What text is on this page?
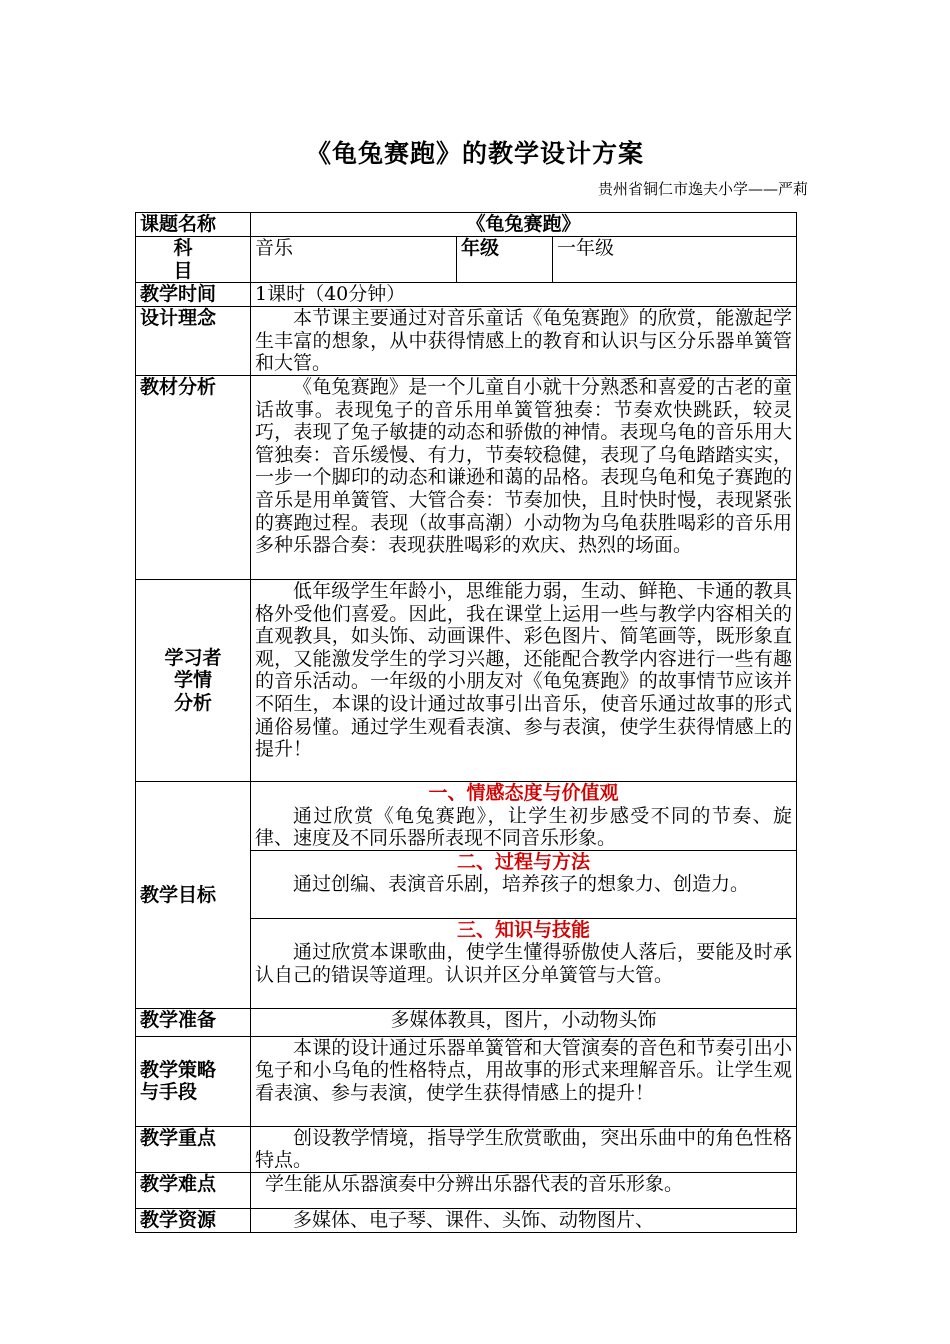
《龟兔赛跑》的教学设计方案
贵州省铜仁市逸夫小学——严莉
课题名称	《龟兔赛跑》		
科　目	音乐	年级	一年级
教学时间	1课时（40分钟）		
设计理念	本节课主要通过对音乐童话《龟兔赛跑》的欣赏，能激起学生丰富的想象，从中获得情感上的教育和认识与区分乐器单簧管和大管。		
教材分析	《龟兔赛跑》是一个儿童自小就十分熟悉和喜爱的古老的童话故事。表现兔子的音乐用单簧管独奏：节奏欢快跳跃，较灵巧，表现了兔子敏捷的动态和骄傲的神情。表现乌龟的音乐用大管独奏：音乐缓慢、有力，节奏较稳健，表现了乌龟踏踏实实，一步一个脚印的动态和谦逊和蔼的品格。表现乌龟和兔子赛跑的音乐是用单簧管、大管合奏：节奏加快，且时快时慢，表现紧张的赛跑过程。表现（故事高潮）小动物为乌龟获胜喝彩的音乐用多种乐器合奏：表现获胜喝彩的欢庆、热烈的场面。		

学习者
学情
分析	低年级学生年龄小，思维能力弱，生动、鲜艳、卡通的教具格外受他们喜爱。因此，我在课堂上运用一些与教学内容相关的直观教具，如头饰、动画课件、彩色图片、简笔画等，既形象直观，又能激发学生的学习兴趣，还能配合教学内容进行一些有趣的音乐活动。一年级的小朋友对《龟兔赛跑》的故事情节应该并不陌生，本课的设计通过故事引出音乐，使音乐通过故事的形式通俗易懂。通过学生观看表演、参与表演，使学生获得情感上的提升！		
教学目标	一、情感态度与价值观
通过欣赏《龟兔赛跑》，让学生初步感受不同的节奏、旋律、速度及不同乐器所表现不同音乐形象。		

	二、过程与方法
通过创编、表演音乐剧，培养孩子的想象力、创造力。		

	三、知识与技能
通过欣赏本课歌曲，使学生懂得骄傲使人落后，要能及时承认自己的错误等道理。认识并区分单簧管与大管。		

教学准备	多媒体教具，图片，小动物头饰		

教学策略
与手段	本课的设计通过乐器单簧管和大管演奏的音色和节奏引出小兔子和小乌龟的性格特点，用故事的形式来理解音乐。让学生观看表演、参与表演，使学生获得情感上的提升！		
教学重点	创设教学情境，指导学生欣赏歌曲，突出乐曲中的角色性格特点。		
教学难点	学生能从乐器演奏中分辨出乐器代表的音乐形象。		
教学资源	多媒体、电子琴、课件、头饰、动物图片、		
